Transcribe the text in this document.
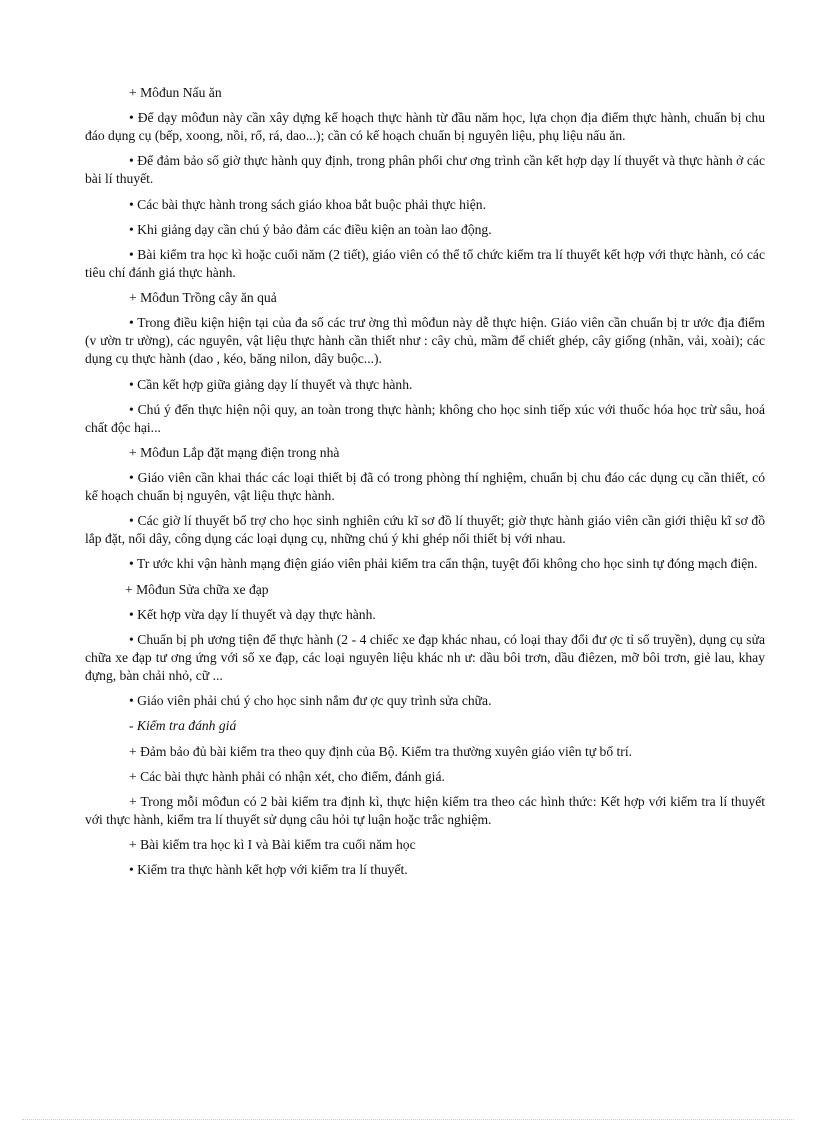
+ Môđun Nấu ăn

• Để dạy môđun này cần xây dựng kế hoạch thực hành từ đầu năm học, lựa chọn địa điểm thực hành, chuẩn bị chu đáo dụng cụ (bếp, xoong, nồi, rổ, rá, dao...); cần có kế hoạch chuẩn bị nguyên liệu, phụ liệu nấu ăn.

• Để đảm bảo số giờ thực hành quy định, trong phân phối chư ơng trình cần kết hợp dạy lí thuyết và thực hành ở các bài lí thuyết.

• Các bài thực hành trong sách giáo khoa bắt buộc phải thực hiện.

• Khi giảng dạy cần chú ý bảo đảm các điều kiện an toàn lao động.

• Bài kiểm tra học kì hoặc cuối năm (2 tiết), giáo viên có thể tổ chức kiểm tra lí thuyết kết hợp với thực hành, có các tiêu chí đánh giá thực hành.

+ Môđun Trồng cây ăn quả

• Trong điều kiện hiện tại của đa số các trư ờng thì môđun này dễ thực hiện. Giáo viên cần chuẩn bị tr ước địa điểm (v ườn tr ường), các nguyên, vật liệu thực hành cần thiết như : cây chủ, mầm để chiết ghép, cây giống (nhãn, vải, xoài); các dụng cụ thực hành (dao , kéo, băng nilon, dây buộc...).

• Cần kết hợp giữa giảng dạy lí thuyết và thực hành.

• Chú ý đến thực hiện nội quy, an toàn trong thực hành; không cho học sinh tiếp xúc với thuốc hóa học trừ sâu, hoá chất độc hại...

+ Môđun Lắp đặt mạng điện trong nhà

• Giáo viên cần khai thác các loại thiết bị đã có trong phòng thí nghiệm, chuẩn bị chu đáo các dụng cụ cần thiết, có kế hoạch chuẩn bị nguyên, vật liệu thực hành.

• Các giờ lí thuyết bổ trợ cho học sinh nghiên cứu kĩ sơ đồ lí thuyết; giờ thực hành giáo viên cần giới thiệu kĩ sơ đồ lắp đặt, nối dây, công dụng các loại dụng cụ, những chú ý khi ghép nối thiết bị với nhau.

• Tr ước khi vận hành mạng điện giáo viên phải kiểm tra cẩn thận, tuyệt đối không cho học sinh tự đóng mạch điện.

+ Môđun Sửa chữa xe đạp

• Kết hợp vừa dạy lí thuyết và dạy thực hành.

• Chuẩn bị ph ương tiện để thực hành (2 - 4 chiếc xe đạp khác nhau, có loại thay đổi đư ợc tỉ số truyền), dụng cụ sửa chữa xe đạp tư ơng ứng với số xe đạp, các loại nguyên liệu khác nh ư: dầu bôi trơn, dầu điêzen, mỡ bôi trơn, giẻ lau, khay đựng, bàn chải nhỏ, cữ ...

• Giáo viên phải chú ý cho học sinh nắm đư ợc quy trình sửa chữa.

- Kiểm tra đánh giá

+ Đảm bảo đủ bài kiểm tra theo quy định của Bộ. Kiểm tra thường xuyên giáo viên tự bố trí.

+ Các bài thực hành phải có nhận xét, cho điểm, đánh giá.

+ Trong mỗi môđun có 2 bài kiểm tra định kì, thực hiện kiểm tra theo các hình thức: Kết hợp với kiểm tra lí thuyết với thực hành, kiểm tra lí thuyết sử dụng câu hỏi tự luận hoặc trắc nghiệm.

+ Bài kiểm tra học kì I và Bài kiểm tra cuối năm học

• Kiểm tra thực hành kết hợp với kiểm tra lí thuyết.
